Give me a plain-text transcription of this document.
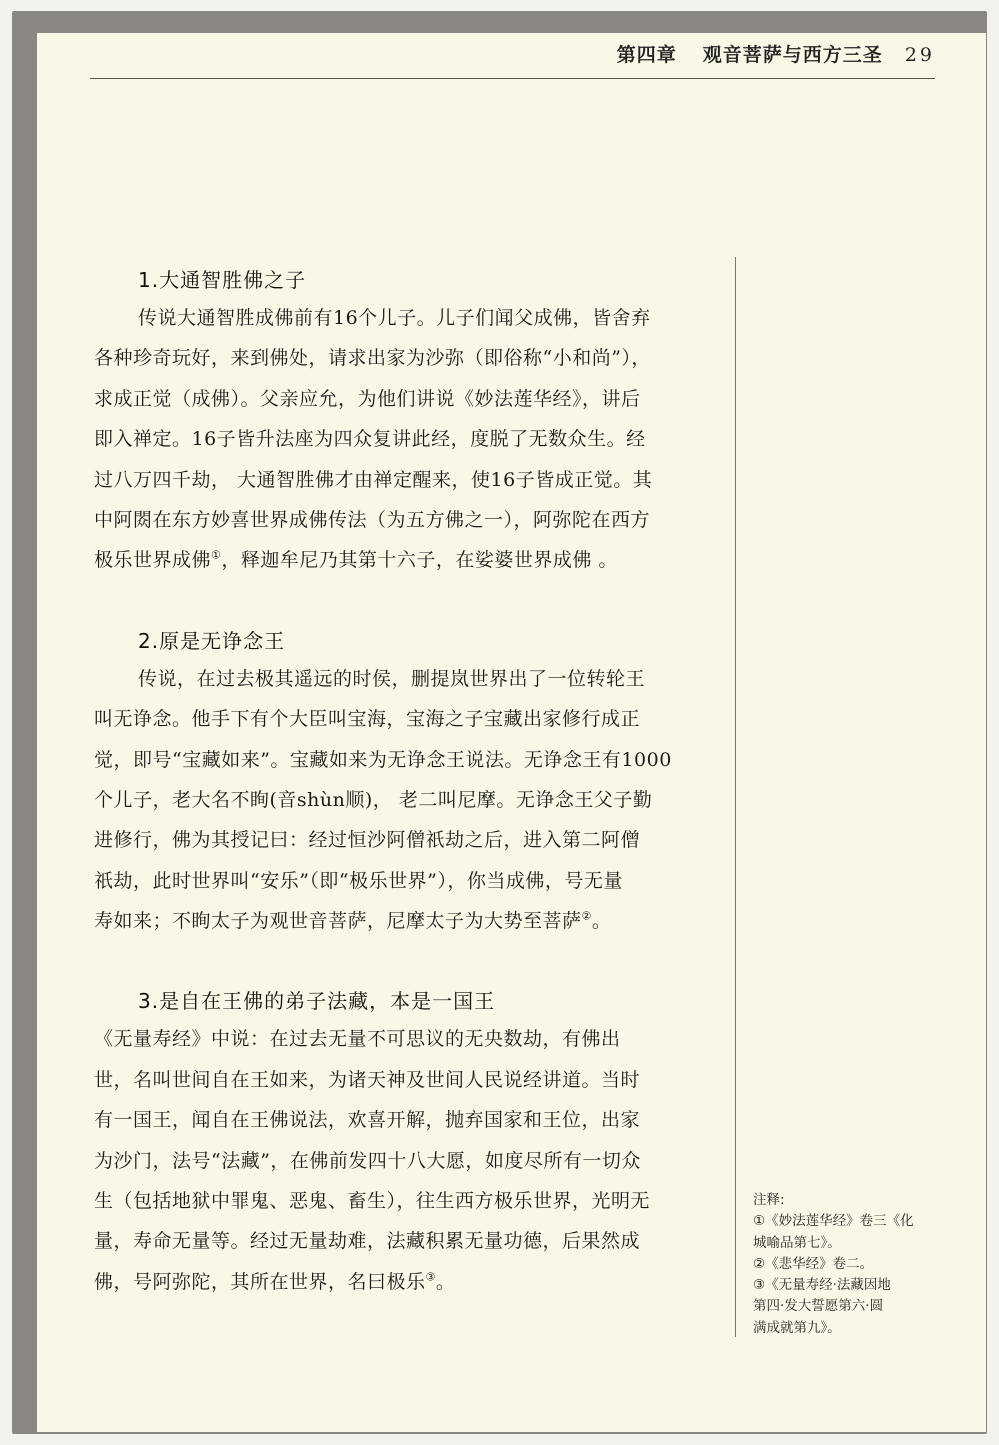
第四章 观音菩萨与西方三圣 29
1.大通智胜佛之子
传说大通智胜成佛前有16个儿子。儿子们闻父成佛，皆舍弃
各种珍奇玩好，来到佛处，请求出家为沙弥（即俗称“小和尚”），
求成正觉（成佛）。父亲应允，为他们讲说《妙法莲华经》，讲后
即入禅定。16子皆升法座为四众复讲此经，度脱了无数众生。经
过八万四千劫， 大通智胜佛才由禅定醒来，使16子皆成正觉。其
中阿閦在东方妙喜世界成佛传法（为五方佛之一），阿弥陀在西方
极乐世界成佛①，释迦牟尼乃其第十六子，在娑婆世界成佛 。
2.原是无诤念王
传说，在过去极其遥远的时侯，删提岚世界出了一位转轮王
叫无诤念。他手下有个大臣叫宝海，宝海之子宝藏出家修行成正
觉，即号“宝藏如来”。宝藏如来为无诤念王说法。无诤念王有1000
个儿子，老大名不眴(音shùn顺)， 老二叫尼摩。无诤念王父子勤
进修行，佛为其授记曰：经过恒沙阿僧祇劫之后，进入第二阿僧
祇劫，此时世界叫“安乐”（即“极乐世界”），你当成佛，号无量
寿如来；不眴太子为观世音菩萨，尼摩太子为大势至菩萨②。
3.是自在王佛的弟子法藏，本是一国王
《无量寿经》中说：在过去无量不可思议的无央数劫，有佛出
世，名叫世间自在王如来，为诸天神及世间人民说经讲道。当时
有一国王，闻自在王佛说法，欢喜开解，抛弃国家和王位，出家
为沙门，法号“法藏”，在佛前发四十八大愿，如度尽所有一切众
生（包括地狱中罪鬼、恶鬼、畜生），往生西方极乐世界，光明无
量，寿命无量等。经过无量劫难，法藏积累无量功德，后果然成
佛，号阿弥陀，其所在世界，名曰极乐③。
注释:
①《妙法莲华经》卷三《化
城喻品第七》。
②《悲华经》卷二。
③《无量寿经·法藏因地
第四·发大誓愿第六·圆
满成就第九》。
